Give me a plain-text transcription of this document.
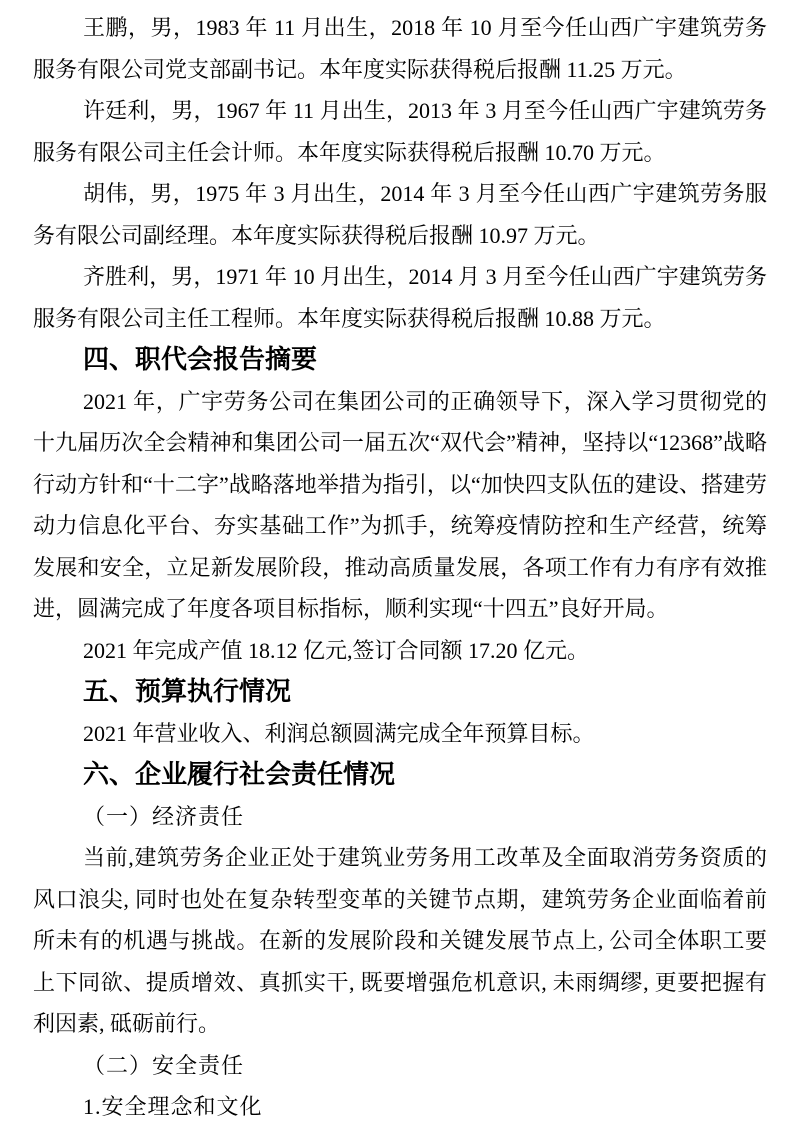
王鹏，男，1983 年 11 月出生，2018 年 10 月至今任山西广宇建筑劳务服务有限公司党支部副书记。本年度实际获得税后报酬 11.25 万元。

许廷利，男，1967 年 11 月出生，2013 年 3 月至今任山西广宇建筑劳务服务有限公司主任会计师。本年度实际获得税后报酬 10.70 万元。

胡伟，男，1975 年 3 月出生，2014 年 3 月至今任山西广宇建筑劳务服务有限公司副经理。本年度实际获得税后报酬 10.97 万元。

齐胜利，男，1971 年 10 月出生，2014 月 3 月至今任山西广宇建筑劳务服务有限公司主任工程师。本年度实际获得税后报酬 10.88 万元。

四、职代会报告摘要

2021 年，广宇劳务公司在集团公司的正确领导下，深入学习贯彻党的十九届历次全会精神和集团公司一届五次“双代会”精神，坚持以“12368”战略行动方针和“十二字”战略落地举措为指引，以“加快四支队伍的建设、搭建劳动力信息化平台、夯实基础工作”为抓手，统筹疫情防控和生产经营，统筹发展和安全，立足新发展阶段，推动高质量发展，各项工作有力有序有效推进，圆满完成了年度各项目标指标，顺利实现“十四五”良好开局。

2021 年完成产值 18.12 亿元,签订合同额 17.20 亿元。

五、预算执行情况

2021 年营业收入、利润总额圆满完成全年预算目标。

六、企业履行社会责任情况

（一）经济责任

当前,建筑劳务企业正处于建筑业劳务用工改革及全面取消劳务资质的风口浪尖, 同时也处在复杂转型变革的关键节点期，建筑劳务企业面临着前所未有的机遇与挑战。在新的发展阶段和关键发展节点上, 公司全体职工要上下同欲、提质增效、真抓实干, 既要增强危机意识, 未雨绸缪, 更要把握有利因素, 砥砺前行。

（二）安全责任

1.安全理念和文化
